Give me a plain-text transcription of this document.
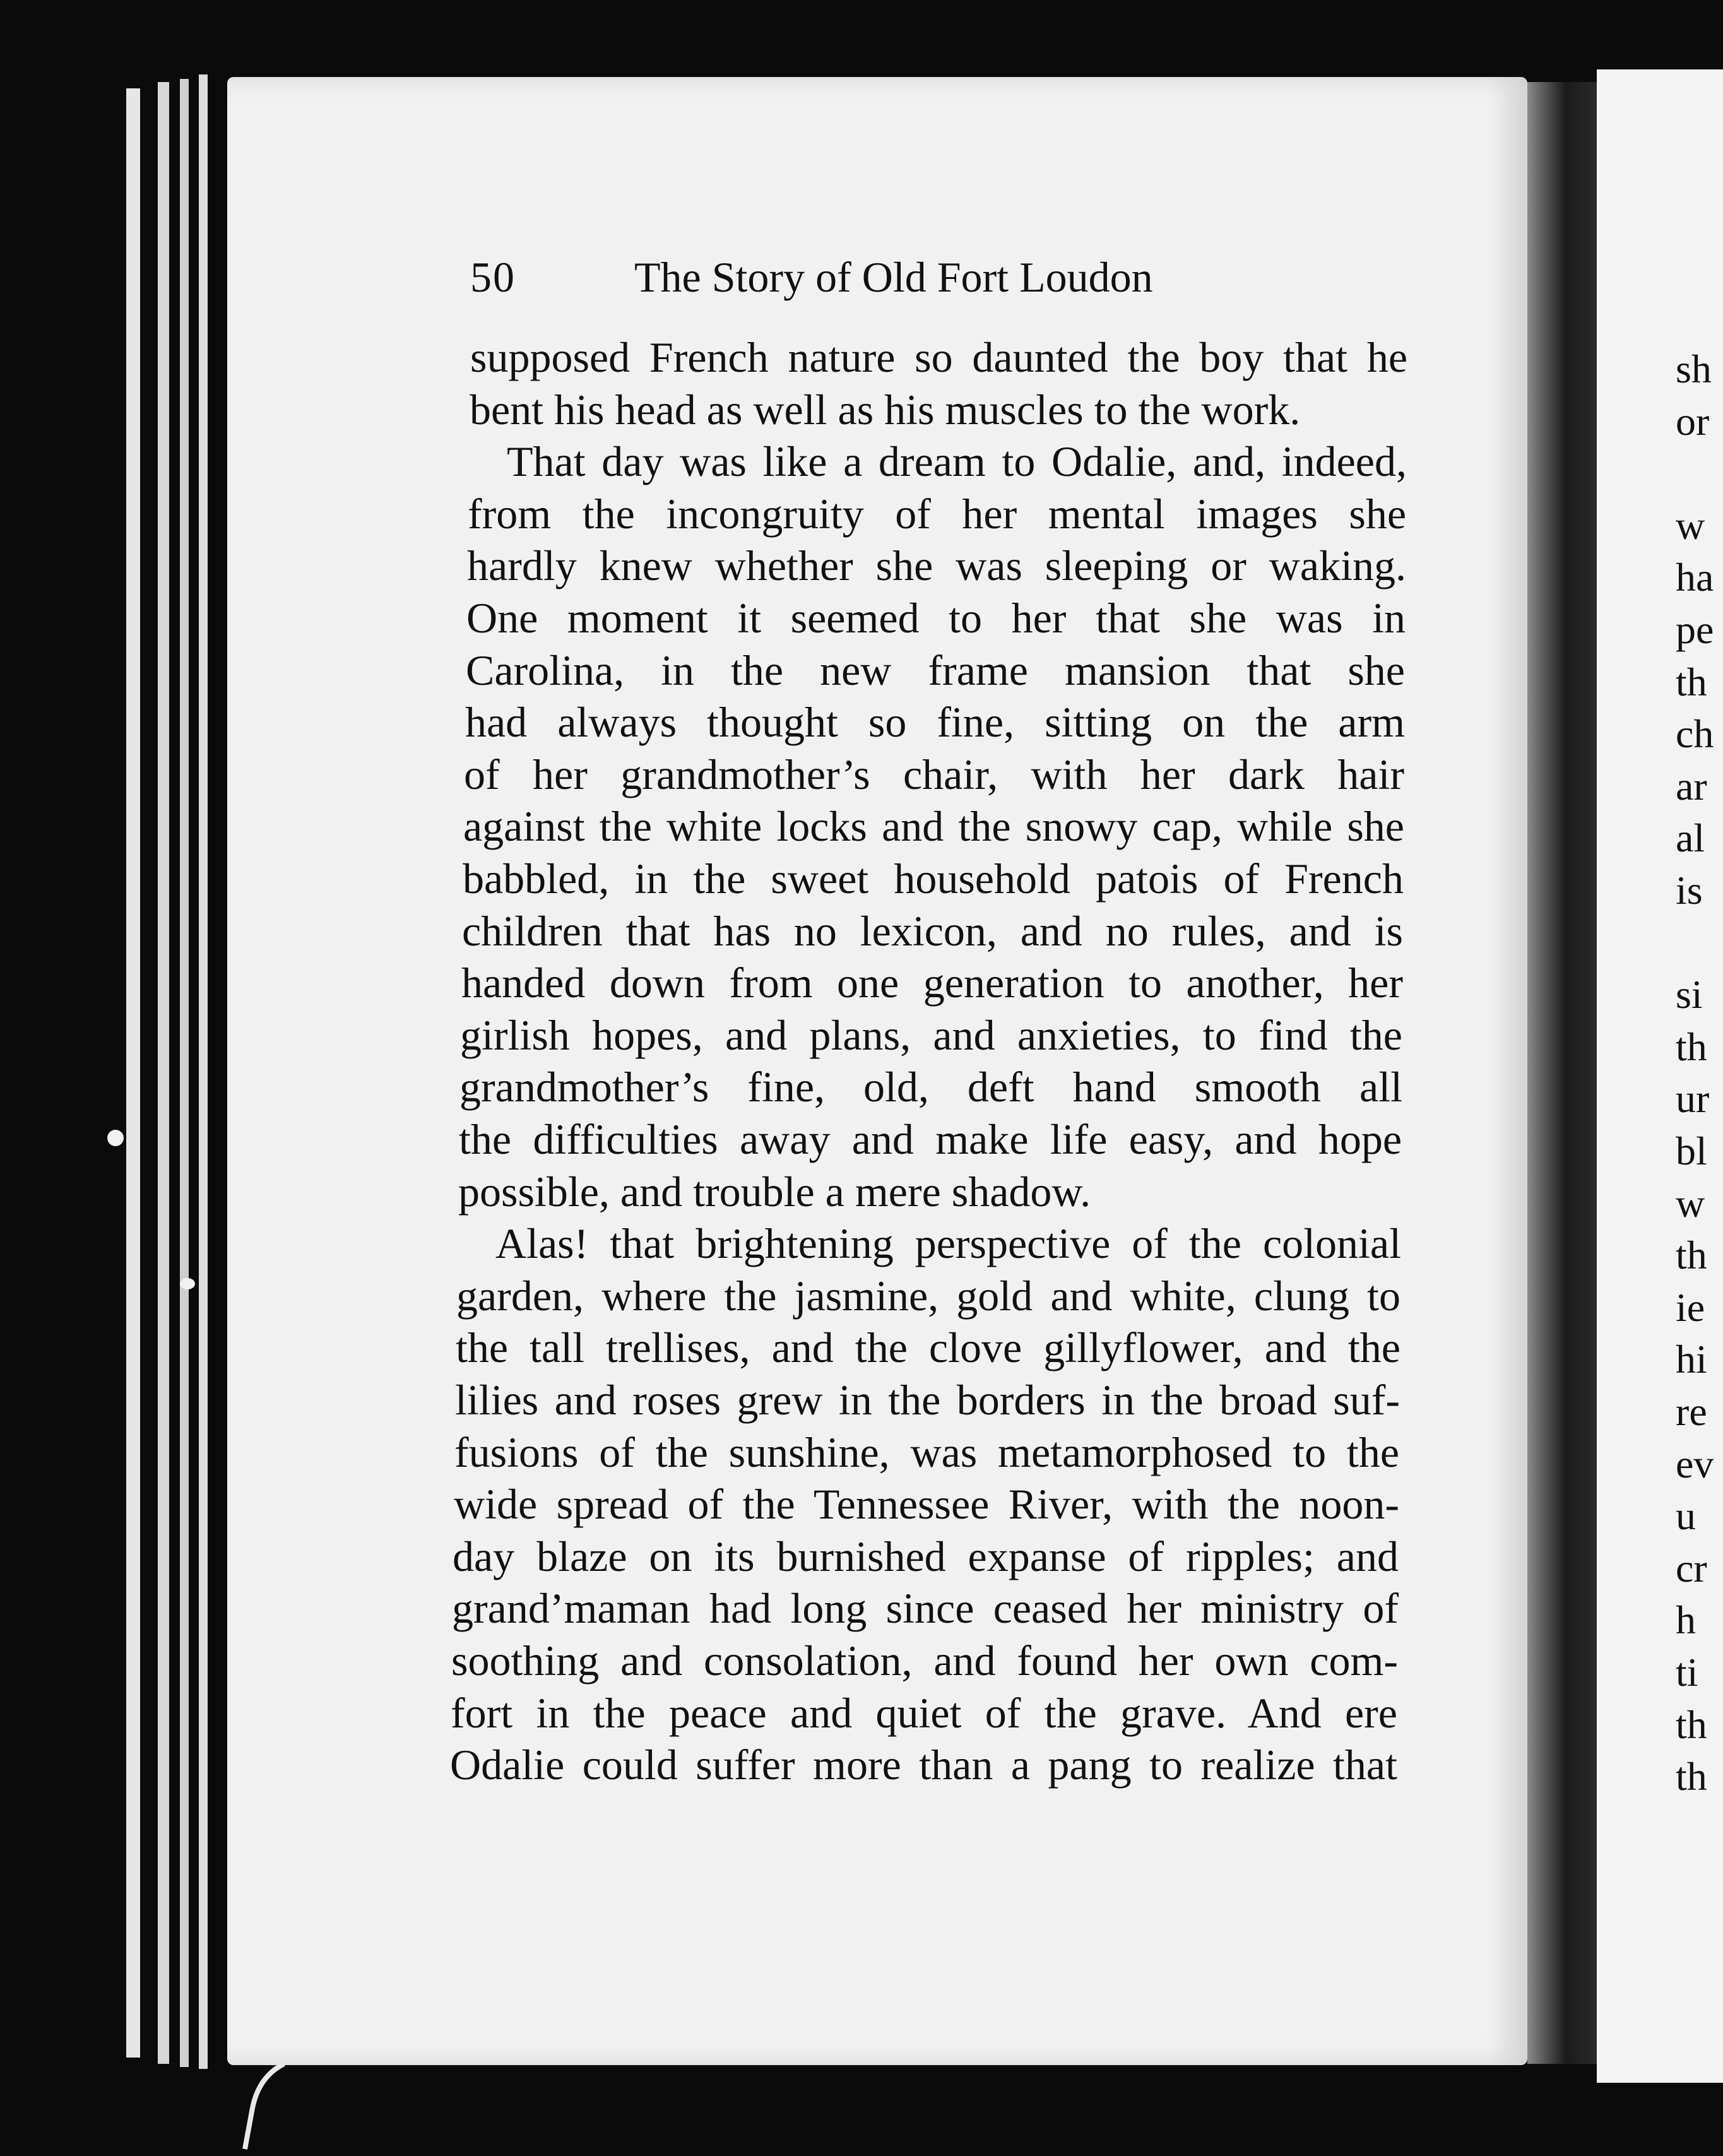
50	The Story of Old Fort Loudon
supposed French nature so daunted the boy that he
bent his head as well as his muscles to the work.
That day was like a dream to Odalie, and, indeed,
from the incongruity of her mental images she
hardly knew whether she was sleeping or waking.
One moment it seemed to her that she was in
Carolina, in the new frame mansion that she
had always thought so fine, sitting on the arm
of her grandmother’s chair, with her dark hair
against the white locks and the snowy cap, while she
babbled, in the sweet household patois of French
children that has no lexicon, and no rules, and is
handed down from one generation to another, her
girlish hopes, and plans, and anxieties, to find the
grandmother’s fine, old, deft hand smooth all
the difficulties away and make life easy, and hope
possible, and trouble a mere shadow.
Alas! that brightening perspective of the colonial
garden, where the jasmine, gold and white, clung to
the tall trellises, and the clove gillyflower, and the
lilies and roses grew in the borders in the broad suf-
fusions of the sunshine, was metamorphosed to the
wide spread of the Tennessee River, with the noon-
day blaze on its burnished expanse of ripples; and
grand’maman had long since ceased her ministry of
soothing and consolation, and found her own com-
fort in the peace and quiet of the grave. And ere
Odalie could suffer more than a pang to realize that
sh
or
w
ha
pe
th
ch
ar
al
is
si
th
ur
bl
w
th
ie
hi
re
ev
u
cr
h
ti
th
th
